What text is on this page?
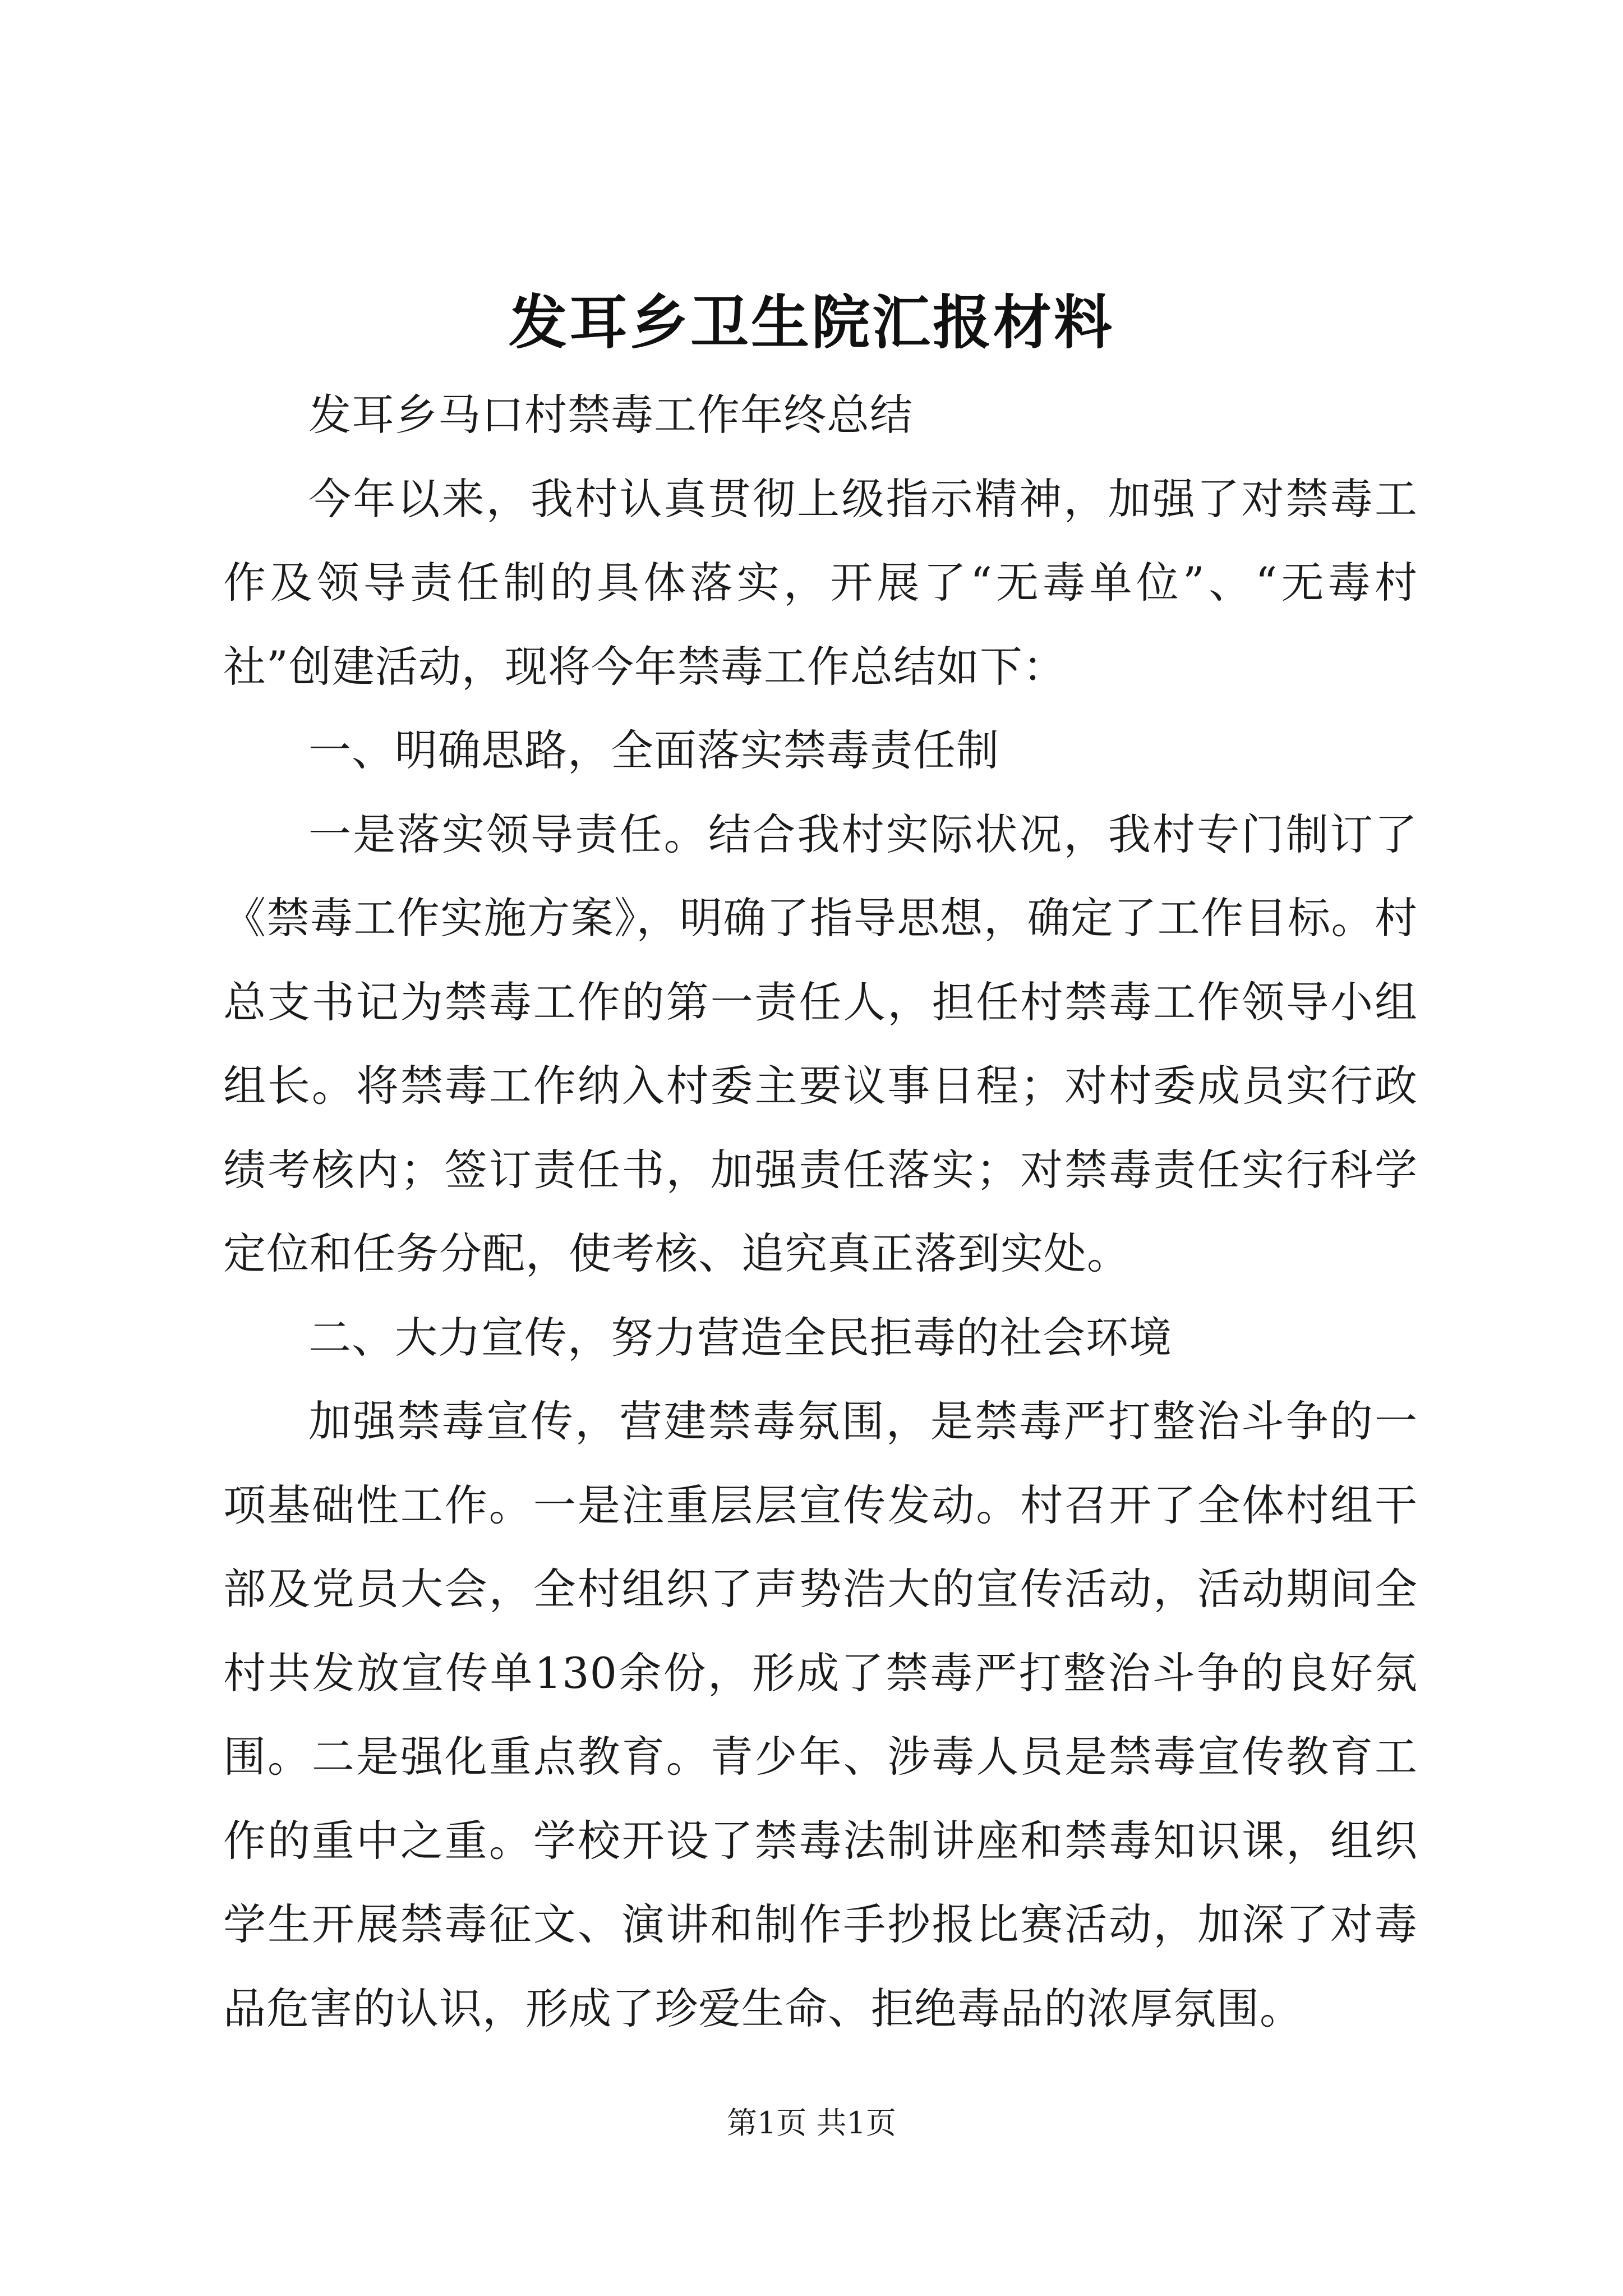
发耳乡卫生院汇报材料

发耳乡马口村禁毒工作年终总结

今年以来，我村认真贯彻上级指示精神，加强了对禁毒工作及领导责任制的具体落实，开展了“无毒单位”、“无毒村社”创建活动，现将今年禁毒工作总结如下：

一、明确思路，全面落实禁毒责任制

一是落实领导责任。结合我村实际状况，我村专门制订了《禁毒工作实施方案》，明确了指导思想，确定了工作目标。村总支书记为禁毒工作的第一责任人，担任村禁毒工作领导小组组长。将禁毒工作纳入村委主要议事日程；对村委成员实行政绩考核内；签订责任书，加强责任落实；对禁毒责任实行科学定位和任务分配，使考核、追究真正落到实处。

二、大力宣传，努力营造全民拒毒的社会环境

加强禁毒宣传，营建禁毒氛围，是禁毒严打整治斗争的一项基础性工作。一是注重层层宣传发动。村召开了全体村组干部及党员大会，全村组织了声势浩大的宣传活动，活动期间全村共发放宣传单130余份，形成了禁毒严打整治斗争的良好氛围。二是强化重点教育。青少年、涉毒人员是禁毒宣传教育工作的重中之重。学校开设了禁毒法制讲座和禁毒知识课，组织学生开展禁毒征文、演讲和制作手抄报比赛活动，加深了对毒品危害的认识，形成了珍爱生命、拒绝毒品的浓厚氛围。

第1页 共1页
